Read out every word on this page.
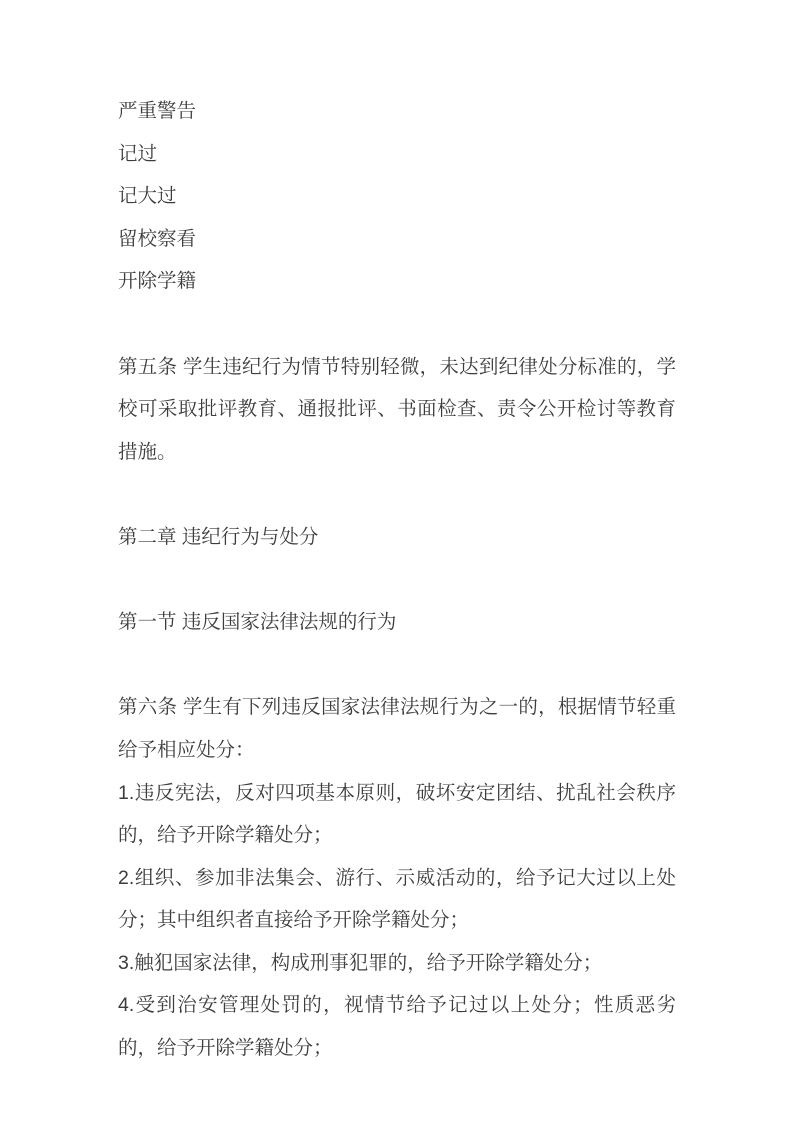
严重警告

记过

记大过

留校察看

开除学籍

第五条 学生违纪行为情节特别轻微，未达到纪律处分标准的，学校可采取批评教育、通报批评、书面检查、责令公开检讨等教育措施。

第二章 违纪行为与处分

第一节 违反国家法律法规的行为

第六条 学生有下列违反国家法律法规行为之一的，根据情节轻重给予相应处分：

1.违反宪法，反对四项基本原则，破坏安定团结、扰乱社会秩序的，给予开除学籍处分；

2.组织、参加非法集会、游行、示威活动的，给予记大过以上处分；其中组织者直接给予开除学籍处分；

3.触犯国家法律，构成刑事犯罪的，给予开除学籍处分；

4.受到治安管理处罚的，视情节给予记过以上处分；性质恶劣的，给予开除学籍处分；
